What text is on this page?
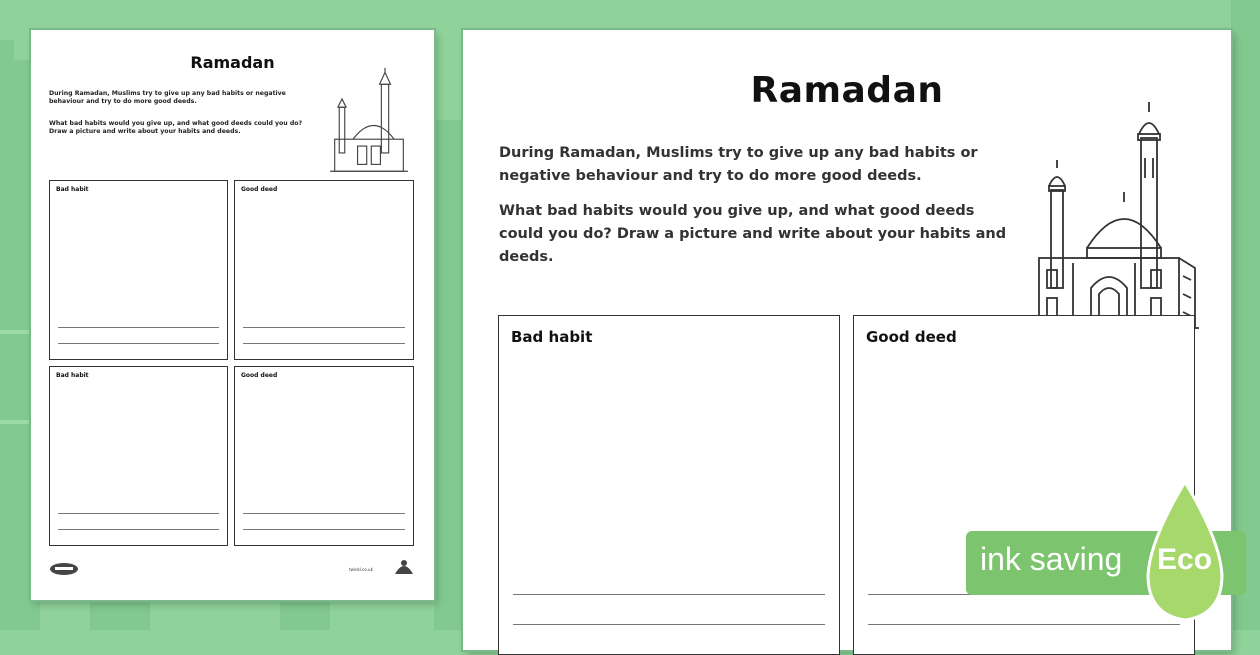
Ramadan

During Ramadan, Muslims try to give up any bad habits or negative behaviour and try to do more good deeds.

What bad habits would you give up, and what good deeds could you do? Draw a picture and write about your habits and deeds.

Bad habit	Good deed
Bad habit	Good deed
twinkl.co.uk
Ramadan

During Ramadan, Muslims try to give up any bad habits or negative behaviour and try to do more good deeds.

What bad habits would you give up, and what good deeds could you do? Draw a picture and write about your habits and deeds.

Bad habit	Good deed
ink saving Eco
